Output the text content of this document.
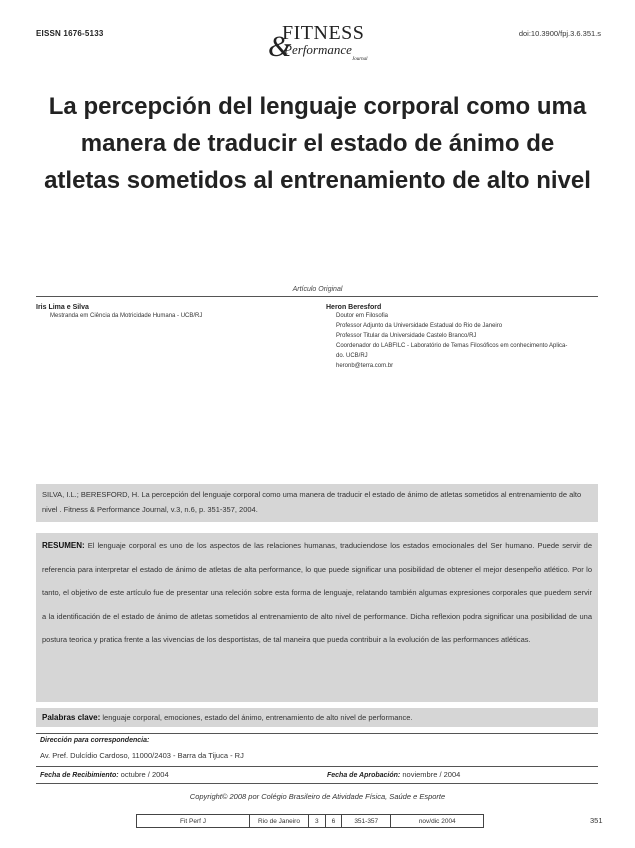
EISSN 1676-5133	doi:10.3900/fpj.3.6.351.s
&
FITNESS
Performance
Journal
La percepción del lenguaje corporal como uma manera de traducir el estado de ánimo de atletas sometidos al entrenamiento de alto nivel
Artículo Original
Iris Lima e Silva
Mestranda em Ciência da Motricidade Humana - UCB/RJ
Heron Beresford
Doutor em Filosofia
Professor Adjunto da Universidade Estadual do Rio de Janeiro
Professor Titular da Universidade Castelo Branco/RJ
Coordenador do LABFILC - Laboratório de Temas Filosóficos em conhecimento Aplica-
do. UCB/RJ
heronb@terra.com.br
SILVA, I.L.; BERESFORD, H. La percepción del lenguaje corporal como uma manera de traducir el estado de ánimo de atletas sometidos al entrenamiento de alto nivel . Fitness & Performance Journal, v.3, n.6, p. 351-357, 2004.
RESUMEN: El lenguaje corporal es uno de los aspectos de las relaciones humanas, traduciendose los estados emocionales del Ser humano. Puede servir de referencia para interpretar el estado de ánimo de atletas de alta performance, lo que puede significar una posibilidad de obtener el mejor desenpeño atlético. Por lo tanto, el objetivo de este artículo fue de presentar una releción sobre esta forma de lenguaje, relatando también algumas expresiones corporales que puedem servir a la identificación de el estado de ánimo de atletas sometidos al entrenamiento de alto nivel de performance. Dicha reflexion podra significar una posibilidad de una postura teorica y pratica frente a las vivencias de los desportistas, de tal maneira que pueda contribuir a la evolución de las performances atléticas.
Palabras clave: lenguaje corporal, emociones, estado del ánimo, entrenamiento de alto nivel de performance.
Dirección para correspondencia:
Av. Pref. Dulcídio Cardoso, 11000/2403 - Barra da Tijuca - RJ
Fecha de Recibimiento: octubre / 2004	Fecha de Aprobación: noviembre / 2004
Copyright© 2008 por Colégio Brasileiro de Atividade Física, Saúde e Esporte
Fit Perf J	Rio de Janeiro	3	6	351-357	nov/dic 2004	351
